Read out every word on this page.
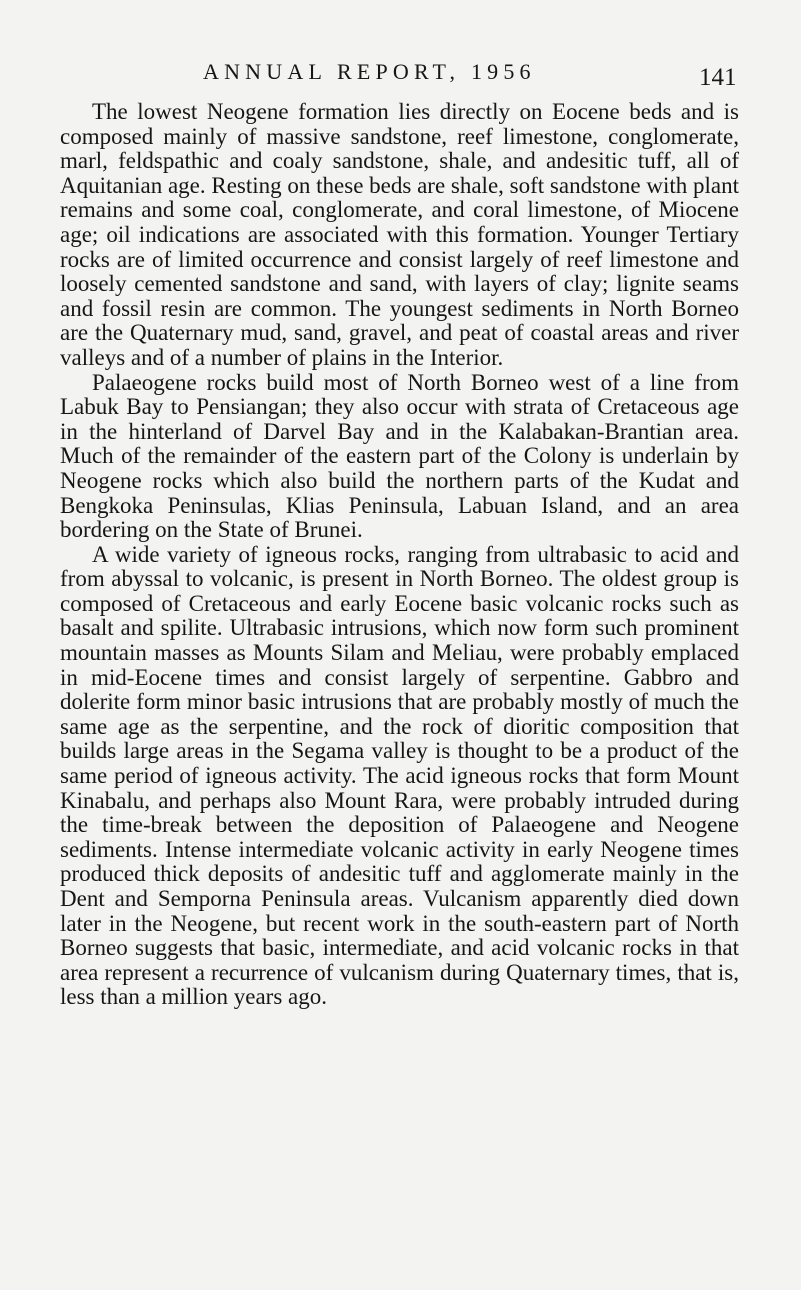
ANNUAL REPORT, 1956	141

The lowest Neogene formation lies directly on Eocene beds and is composed mainly of massive sandstone, reef limestone, conglomerate, marl, feldspathic and coaly sandstone, shale, and andesitic tuff, all of Aquitanian age. Resting on these beds are shale, soft sandstone with plant remains and some coal, conglomerate, and coral limestone, of Miocene age; oil indications are associated with this formation. Younger Tertiary rocks are of limited occurrence and consist largely of reef limestone and loosely cemented sandstone and sand, with layers of clay; lignite seams and fossil resin are common. The youngest sediments in North Borneo are the Quaternary mud, sand, gravel, and peat of coastal areas and river valleys and of a number of plains in the Interior.

Palaeogene rocks build most of North Borneo west of a line from Labuk Bay to Pensiangan; they also occur with strata of Cretaceous age in the hinterland of Darvel Bay and in the Kalabakan-Brantian area. Much of the remainder of the eastern part of the Colony is underlain by Neogene rocks which also build the northern parts of the Kudat and Bengkoka Peninsulas, Klias Peninsula, Labuan Island, and an area bordering on the State of Brunei.

A wide variety of igneous rocks, ranging from ultrabasic to acid and from abyssal to volcanic, is present in North Borneo. The oldest group is composed of Cretaceous and early Eocene basic volcanic rocks such as basalt and spilite. Ultrabasic intrusions, which now form such prominent mountain masses as Mounts Silam and Meliau, were probably emplaced in mid-Eocene times and consist largely of serpentine. Gabbro and dolerite form minor basic intrusions that are probably mostly of much the same age as the serpentine, and the rock of dioritic composition that builds large areas in the Segama valley is thought to be a product of the same period of igneous activity. The acid igneous rocks that form Mount Kinabalu, and perhaps also Mount Rara, were probably intruded during the time-break between the deposition of Palaeogene and Neogene sediments. Intense intermediate volcanic activity in early Neogene times produced thick deposits of andesitic tuff and agglomerate mainly in the Dent and Semporna Peninsula areas. Vulcanism apparently died down later in the Neogene, but recent work in the south-eastern part of North Borneo suggests that basic, intermediate, and acid volcanic rocks in that area represent a recurrence of vulcanism during Quaternary times, that is, less than a million years ago.
